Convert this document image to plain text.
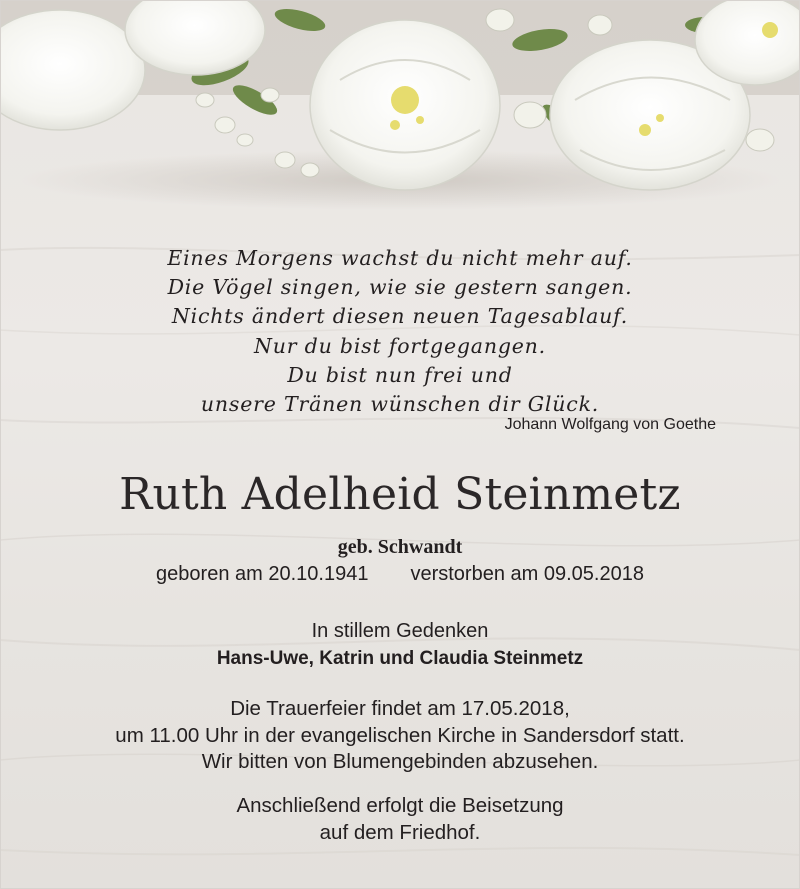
Eines Morgens wachst du nicht mehr auf.
Die Vögel singen, wie sie gestern sangen.
Nichts ändert diesen neuen Tagesablauf.
Nur du bist fortgegangen.
Du bist nun frei und
unsere Tränen wünschen dir Glück.
Johann Wolfgang von Goethe
Ruth Adelheid Steinmetz
geb. Schwandt
geboren am 20.10.1941 verstorben am 09.05.2018
In stillem Gedenken
Hans-Uwe, Katrin und Claudia Steinmetz
Die Trauerfeier findet am 17.05.2018,
um 11.00 Uhr in der evangelischen Kirche in Sandersdorf statt.
Wir bitten von Blumengebinden abzusehen.
Anschließend erfolgt die Beisetzung
auf dem Friedhof.
